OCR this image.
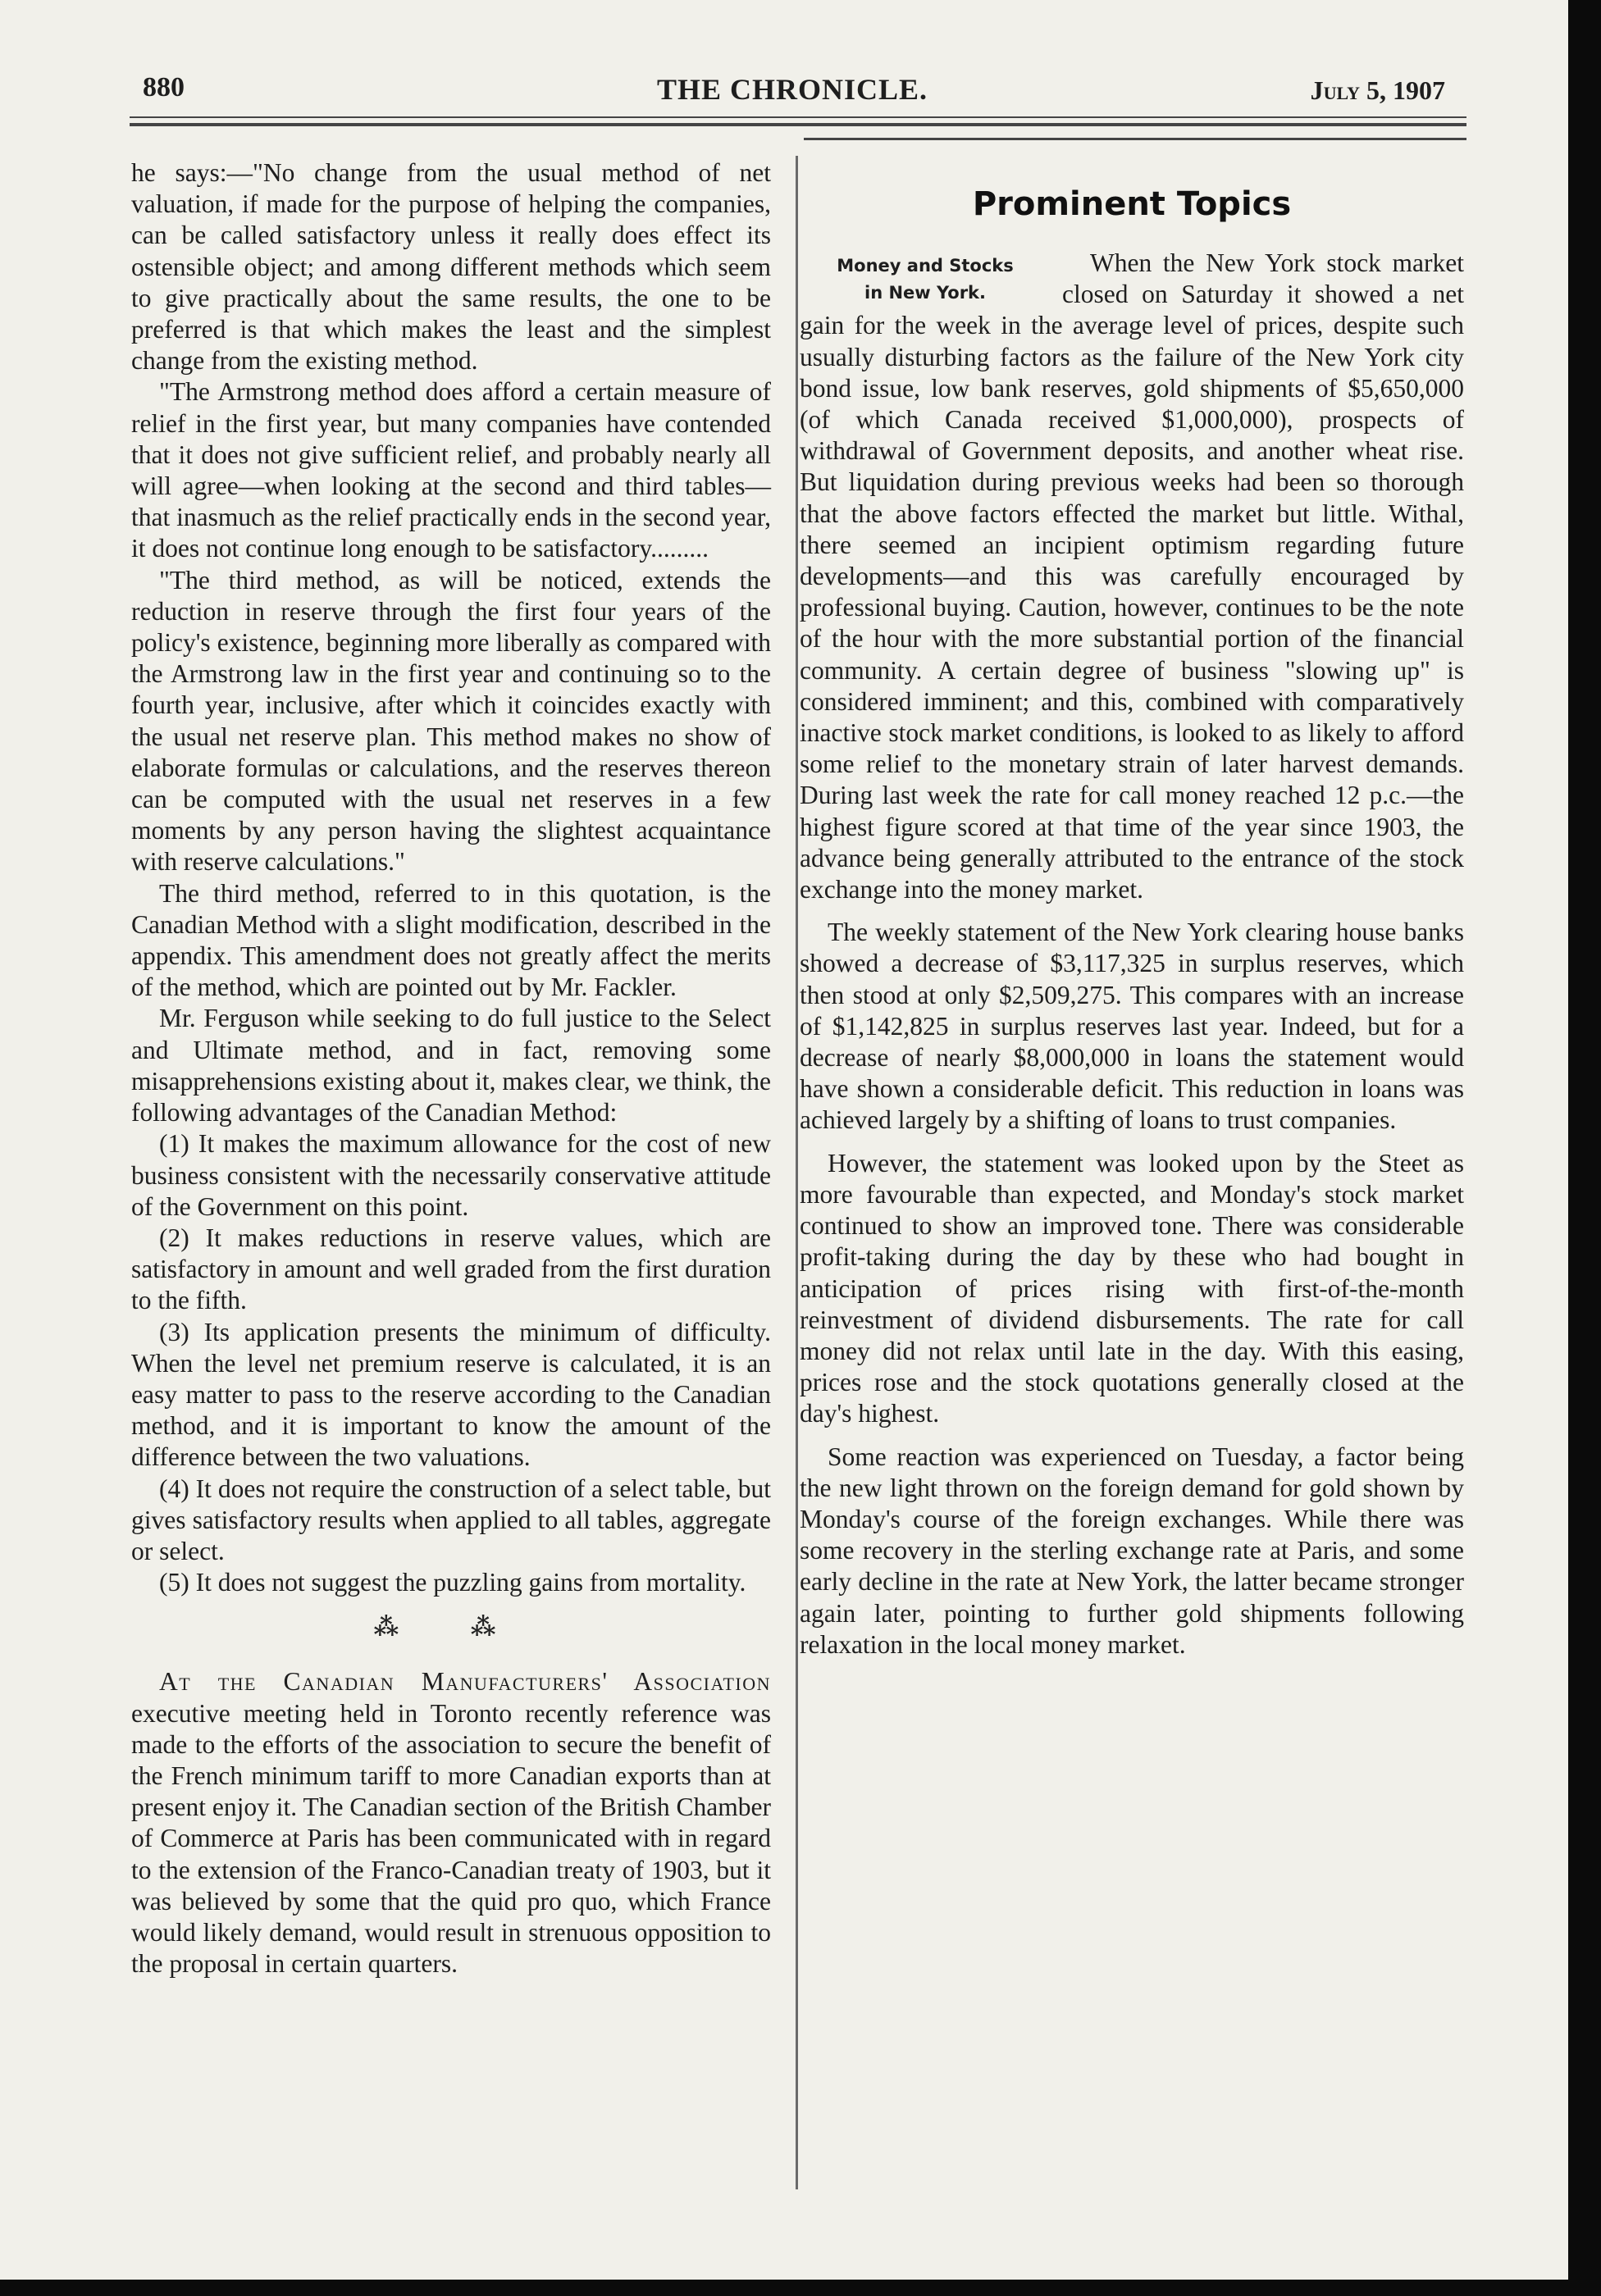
880	THE CHRONICLE.	July 5, 1907

he says:—"No change from the usual method of net valuation, if made for the purpose of helping the companies, can be called satisfactory unless it really does effect its ostensible object; and among different methods which seem to give practically about the same results, the one to be preferred is that which makes the least and the simplest change from the existing method.

"The Armstrong method does afford a certain measure of relief in the first year, but many companies have contended that it does not give sufficient relief, and probably nearly all will agree—when looking at the second and third tables—that inasmuch as the relief practically ends in the second year, it does not continue long enough to be satisfactory.........

"The third method, as will be noticed, extends the reduction in reserve through the first four years of the policy's existence, beginning more liberally as compared with the Armstrong law in the first year and continuing so to the fourth year, inclusive, after which it coincides exactly with the usual net reserve plan. This method makes no show of elaborate formulas or calculations, and the reserves thereon can be computed with the usual net reserves in a few moments by any person having the slightest acquaintance with reserve calculations."

The third method, referred to in this quotation, is the Canadian Method with a slight modification, described in the appendix. This amendment does not greatly affect the merits of the method, which are pointed out by Mr. Fackler.

Mr. Ferguson while seeking to do full justice to the Select and Ultimate method, and in fact, removing some misapprehensions existing about it, makes clear, we think, the following advantages of the Canadian Method:

(1) It makes the maximum allowance for the cost of new business consistent with the necessarily conservative attitude of the Government on this point.

(2) It makes reductions in reserve values, which are satisfactory in amount and well graded from the first duration to the fifth.

(3) Its application presents the minimum of difficulty. When the level net premium reserve is calculated, it is an easy matter to pass to the reserve according to the Canadian method, and it is important to know the amount of the difference between the two valuations.

(4) It does not require the construction of a select table, but gives satisfactory results when applied to all tables, aggregate or select.

(5) It does not suggest the puzzling gains from mortality.

⁂ ⁂

At the Canadian Manufacturers' Association executive meeting held in Toronto recently reference was made to the efforts of the association to secure the benefit of the French minimum tariff to more Canadian exports than at present enjoy it. The Canadian section of the British Chamber of Commerce at Paris has been communicated with in regard to the extension of the Franco-Canadian treaty of 1903, but it was believed by some that the quid pro quo, which France would likely demand, would result in strenuous opposition to the proposal in certain quarters.

Prominent Topics
Money and Stocks
in New York.

When the New York stock market closed on Saturday it showed a net gain for the week in the average level of prices, despite such usually disturbing factors as the failure of the New York city bond issue, low bank reserves, gold shipments of $5,650,000 (of which Canada received $1,000,000), prospects of withdrawal of Government deposits, and another wheat rise. But liquidation during previous weeks had been so thorough that the above factors effected the market but little. Withal, there seemed an incipient optimism regarding future developments—and this was carefully encouraged by professional buying. Caution, however, continues to be the note of the hour with the more substantial portion of the financial community. A certain degree of business "slowing up" is considered imminent; and this, combined with comparatively inactive stock market conditions, is looked to as likely to afford some relief to the monetary strain of later harvest demands. During last week the rate for call money reached 12 p.c.—the highest figure scored at that time of the year since 1903, the advance being generally attributed to the entrance of the stock exchange into the money market.

The weekly statement of the New York clearing house banks showed a decrease of $3,117,325 in surplus reserves, which then stood at only $2,509,275. This compares with an increase of $1,142,825 in surplus reserves last year. Indeed, but for a decrease of nearly $8,000,000 in loans the statement would have shown a considerable deficit. This reduction in loans was achieved largely by a shifting of loans to trust companies.

However, the statement was looked upon by the Steet as more favourable than expected, and Monday's stock market continued to show an improved tone. There was considerable profit-taking during the day by these who had bought in anticipation of prices rising with first-of-the-month reinvestment of dividend disbursements. The rate for call money did not relax until late in the day. With this easing, prices rose and the stock quotations generally closed at the day's highest.

Some reaction was experienced on Tuesday, a factor being the new light thrown on the foreign demand for gold shown by Monday's course of the foreign exchanges. While there was some recovery in the sterling exchange rate at Paris, and some early decline in the rate at New York, the latter became stronger again later, pointing to further gold shipments following relaxation in the local money market.
